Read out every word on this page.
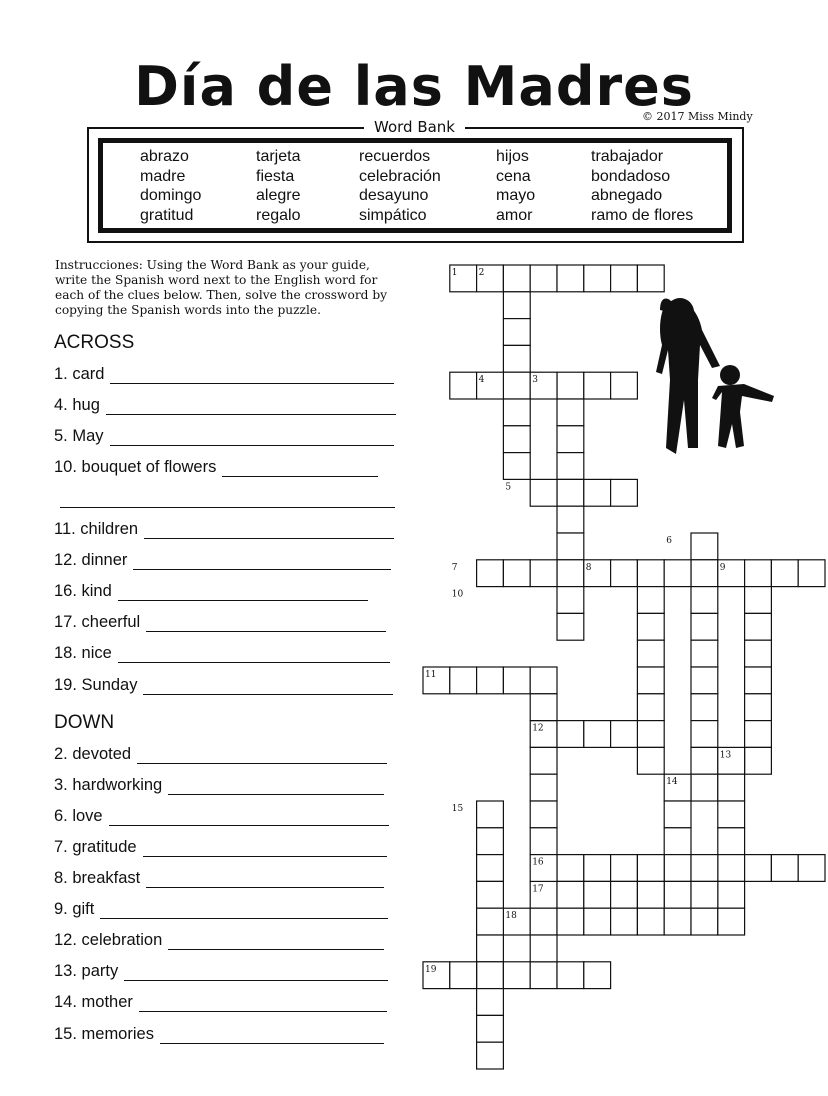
Día de las Madres
© 2017 Miss Mindy
Word Bank
abrazo
madre
domingo
gratitud
tarjeta
fiesta
alegre
regalo
recuerdos
celebración
desayuno
simpático
hijos
cena
mayo
amor
trabajador
bondadoso
abnegado
ramo de flores
Instrucciones: Using the Word Bank as your guide, write the Spanish word next to the English word for each of the clues below. Then, solve the crossword by copying the Spanish words into the puzzle.
ACROSS
1. card
4. hug
5. May
10. bouquet of flowers
11. children
12. dinner
16. kind
17. cheerful
18. nice
19. Sunday
DOWN
2. devoted
3. hardworking
6. love
7. gratitude
8. breakfast
9. gift
12. celebration
13. party
14. mother
15. memories
1 2
3
4
5
6
7	8	9
10
11
12
13
14
15
16
17
18
19
